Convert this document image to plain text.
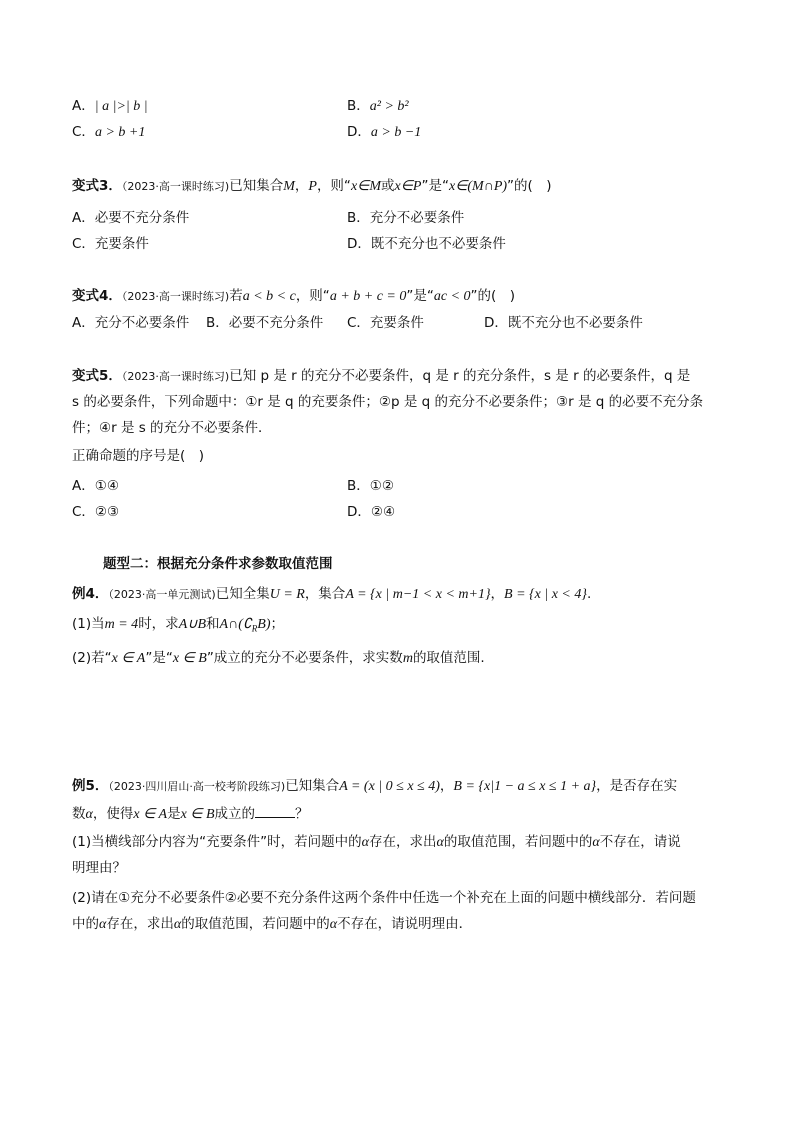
A．| a |>| b |	B．a² > b²
C．a > b +1	D．a > b −1
变式3．（2023·高一课时练习)已知集合M，P，则“x∈M或x∈P”是“x∈(M∩P)”的(　)
A．必要不充分条件	B．充分不必要条件
C．充要条件	D．既不充分也不必要条件
变式4．（2023·高一课时练习)若a < b < c，则“a + b + c = 0”是“ac < 0”的(　)
A．充分不必要条件 B．必要不充分条件 C．充要条件	D．既不充分也不必要条件
变式5．（2023·高一课时练习)已知 p 是 r 的充分不必要条件，q 是 r 的充分条件，s 是 r 的必要条件，q 是
s 的必要条件，下列命题中：①r 是 q 的充要条件；②p 是 q 的充分不必要条件；③r 是 q 的必要不充分条
件；④r 是 s 的充分不必要条件．
正确命题的序号是(　)
A．①④	B．①②
C．②③	D．②④
题型二：根据充分条件求参数取值范围
例4．（2023·高一单元测试)已知全集U = R，集合A = {x | m−1 < x < m+1}，B = {x | x < 4}.
(1)当m = 4时，求A∪B和$A\cap(∁_RB)$；
(2)若“x ∈ A”是“x ∈ B”成立的充分不必要条件，求实数m的取值范围.
例5．（2023·四川眉山·高一校考阶段练习)已知集合A = (x | 0 ≤ x ≤ 4)，B = {x|1 − a ≤ x ≤ 1 + a}，是否存在实
数α，使得x ∈ A是x ∈ B成立的	？
(1)当横线部分内容为“充要条件”时，若问题中的α存在，求出α的取值范围，若问题中的α不存在，请说
明理由？
(2)请在①充分不必要条件②必要不充分条件这两个条件中任选一个补充在上面的问题中横线部分．若问题
中的α存在，求出α的取值范围，若问题中的α不存在，请说明理由．
